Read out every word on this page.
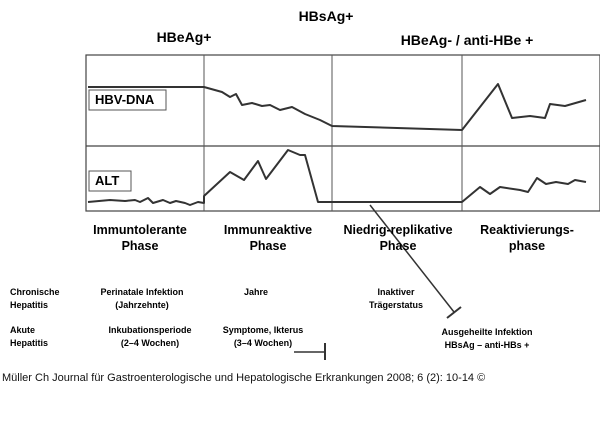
HBsAg+
HBeAg+	HBeAg- / anti-HBe +
HBV-DNA
ALT
Immuntolerante
Phase
Immunreaktive
Phase
Niedrig-replikative
Phase
Reaktivierungs-
phase
Chronische
Hepatitis
Perinatale Infektion
(Jahrzehnte)
Jahre	Inaktiver
Trägerstatus
Akute
Hepatitis
Inkubationsperiode
(2–4 Wochen)
Symptome, Ikterus
(3–4 Wochen)
Ausgeheilte Infektion
HBsAg – anti-HBs +
Müller Ch Journal für Gastroenterologische und Hepatologische Erkrankungen 2008; 6 (2): 10-14 ©
